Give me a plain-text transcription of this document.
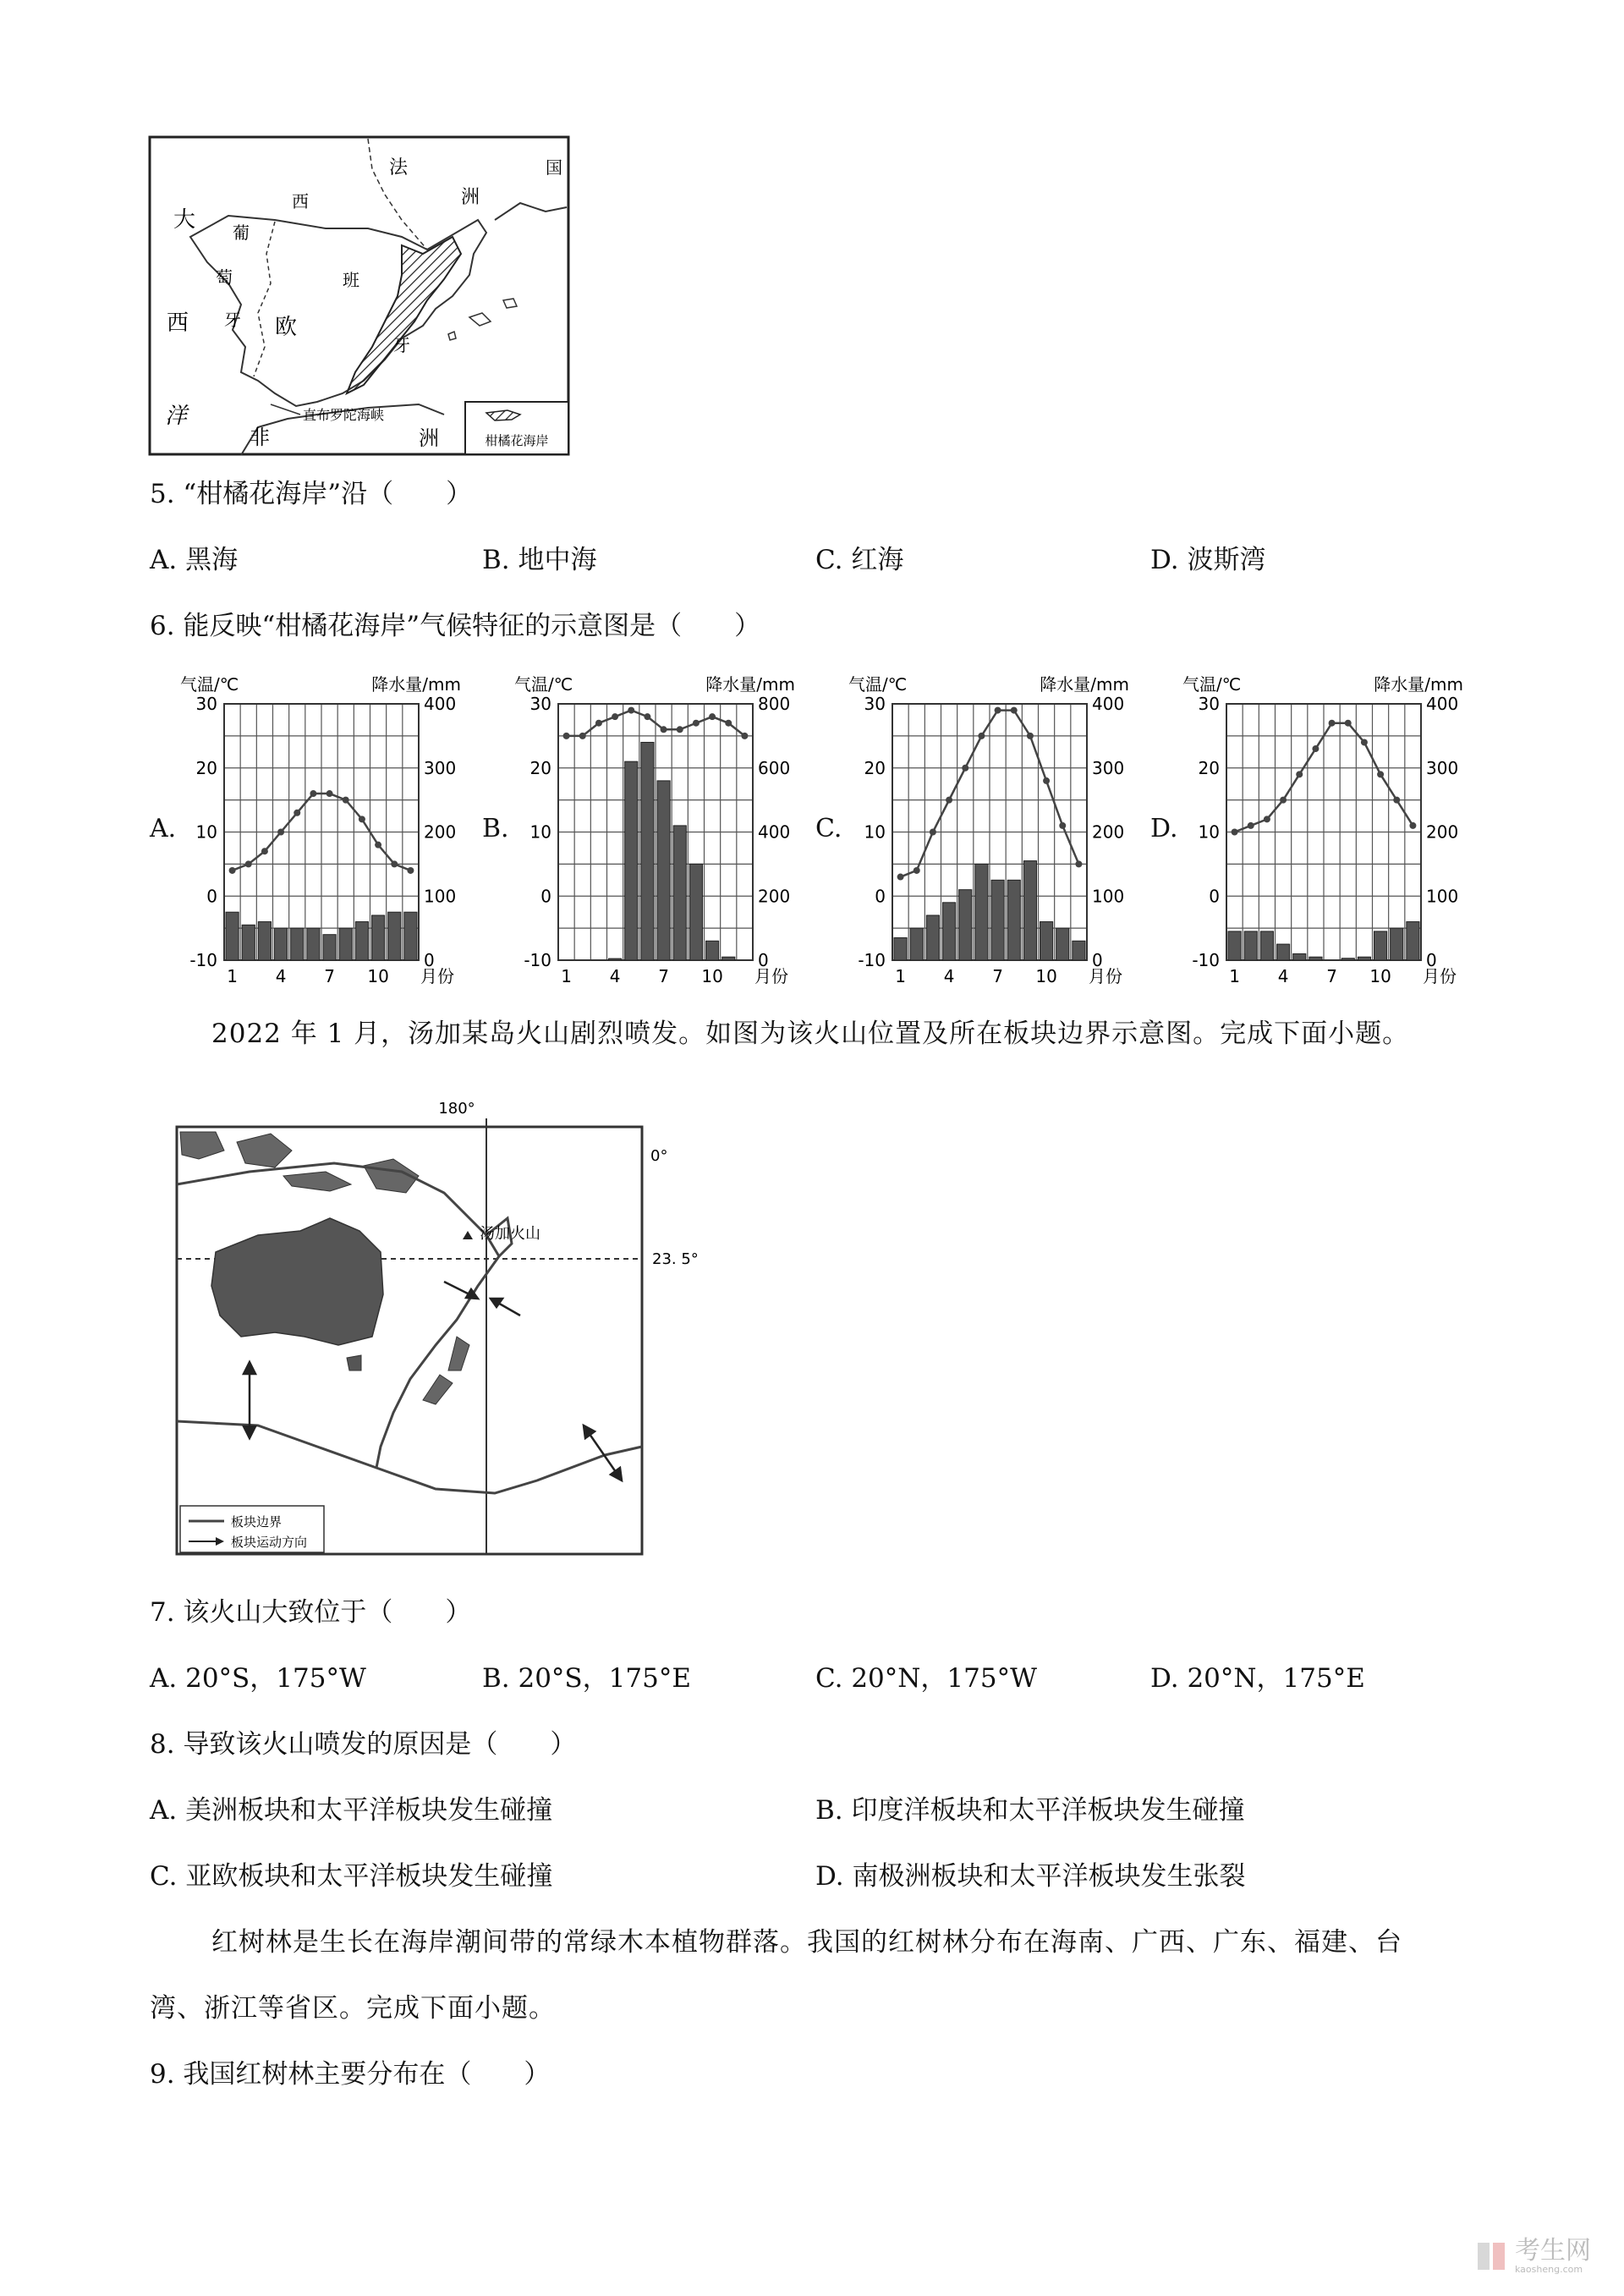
柑橘花海岸
大
西
洋
葡
萄
牙
西
班
牙
欧
法
洲
国
非	洲
直布罗陀海峡
5. “柑橘花海岸”沿（　　）
A. 黑海	B. 地中海	C. 红海	D. 波斯湾
6. 能反映“柑橘花海岸”气候特征的示意图是（　　）
A.	B.	C.	D.
气温/℃	降水量/mm
30
20
10
0
-10
400
300
200
100
0
1 4 7 10 月份
气温/℃	降水量/mm
30
20
10
0
-10
800
600
400
200
0
1 4 7 10 月份
气温/℃	降水量/mm
30
20
10
0
-10
400
300
200
100
0
1 4 7 10 月份
气温/℃	降水量/mm
30
20
10
0
-10
400
300
200
100
0
1 4 7 10 月份
2022 年 1 月，汤加某岛火山剧烈喷发。如图为该火山位置及所在板块边界示意图。完成下面小题。
180°
0°
23. 5°
汤加火山
板块边界
板块运动方向
7. 该火山大致位于（　　）
A. 20°S，175°W	B. 20°S，175°E	C. 20°N，175°W	D. 20°N，175°E
8. 导致该火山喷发的原因是（　　）
A. 美洲板块和太平洋板块发生碰撞	B. 印度洋板块和太平洋板块发生碰撞
C. 亚欧板块和太平洋板块发生碰撞	D. 南极洲板块和太平洋板块发生张裂
红树林是生长在海岸潮间带的常绿木本植物群落。我国的红树林分布在海南、广西、广东、福建、台
湾、浙江等省区。完成下面小题。
9. 我国红树林主要分布在（　　）
考生网
kaosheng.com
